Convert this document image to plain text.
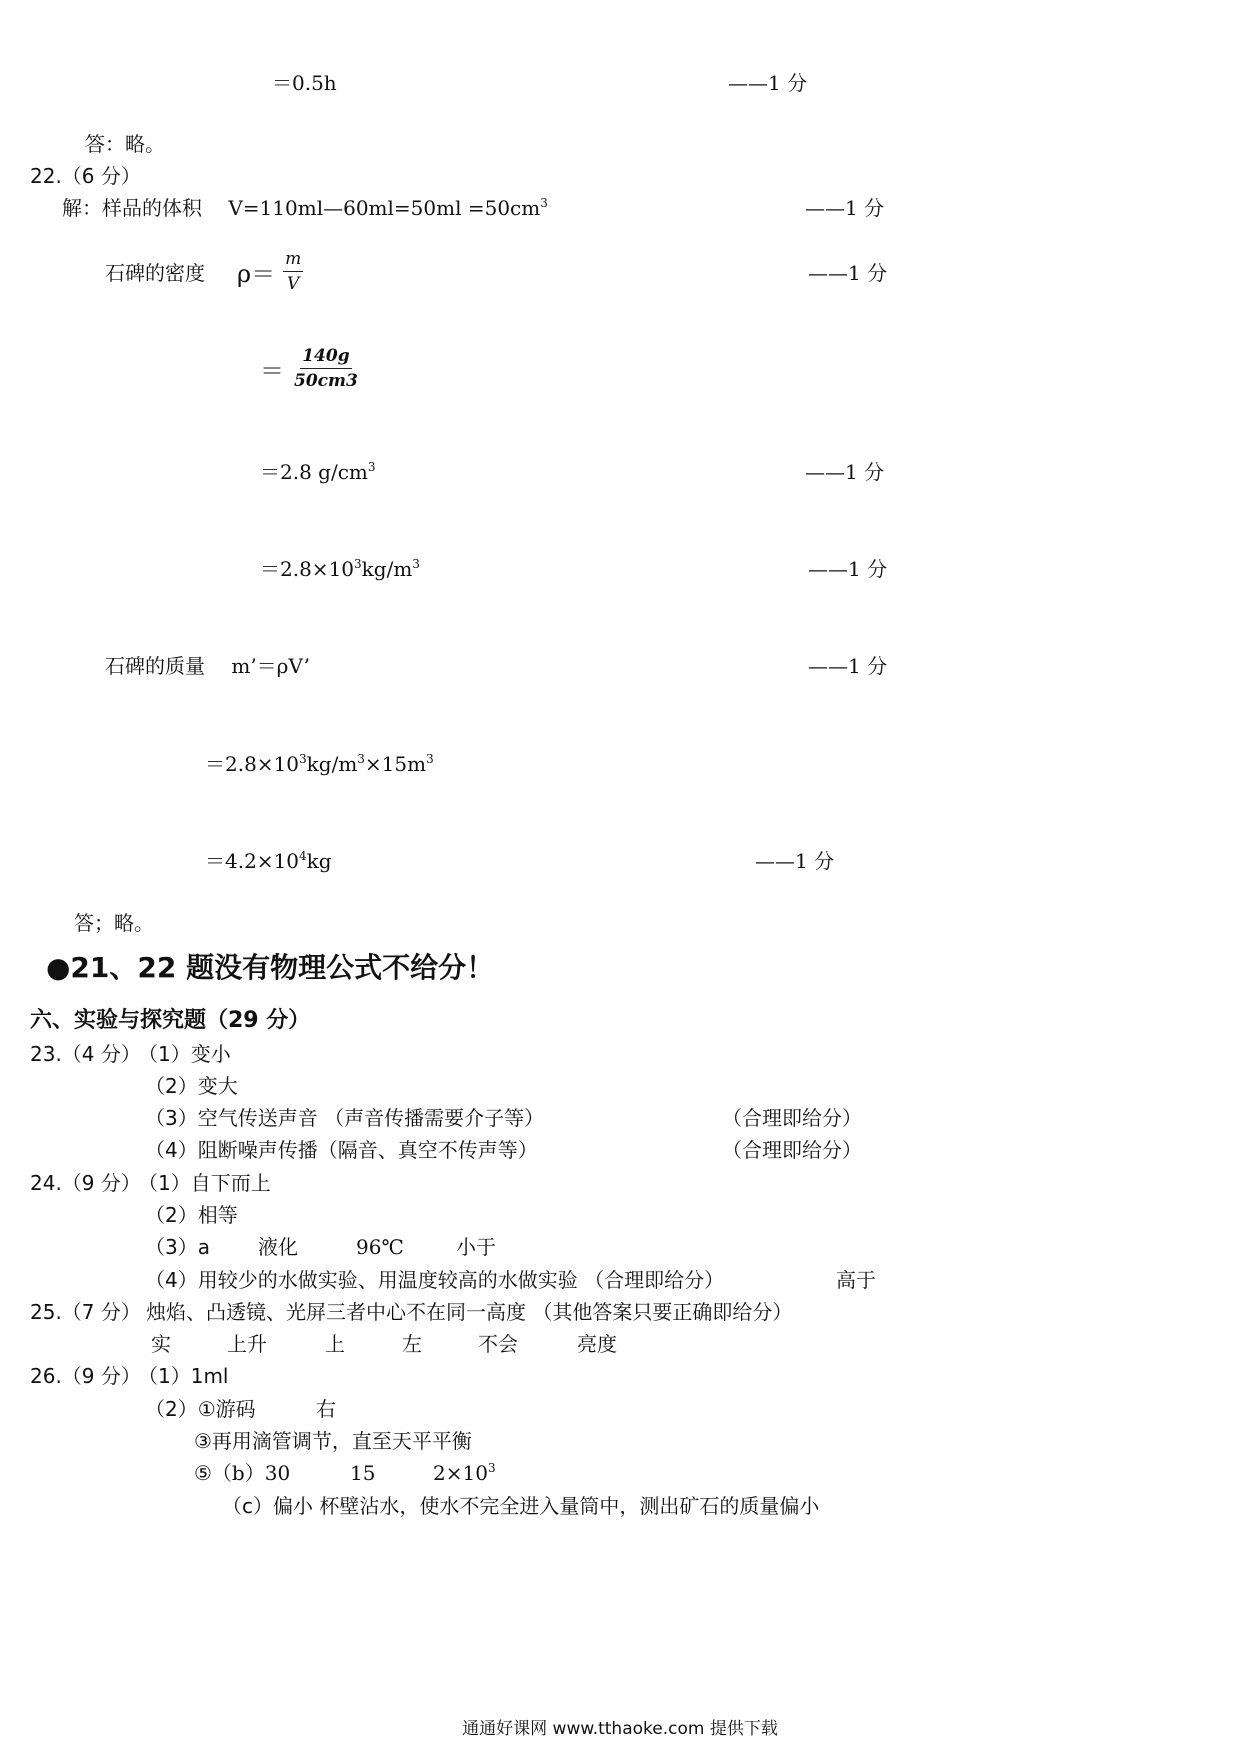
＝0.5h	——1 分
答：略。
22.（6 分）
解：样品的体积 V=110ml—60ml=50ml $=50cm^3$	——1 分
石碑的密度 $\rho= \frac{m}{V}$	——1 分
＝ $\frac{140g}{50cm3}$
＝2.8 $g/cm^3$	——1 分
$=2.8\times 10^3kg/m^3$	——1 分
石碑的质量 m’＝ρV’	——1 分
$=2.8\times 10^3kg/m^3\times 15m^3$
$=4.2\times 10^4kg$	——1 分
答；略。
●21、22 题没有物理公式不给分！
六、实验与探究题（29 分）
23.（4 分）
（1）变小
（2）变大
（3）空气传送声音 （声音传播需要介子等）	（合理即给分）
（4）阻断噪声传播（隔音、真空不传声等）	（合理即给分）
24.（9 分）
（1）自下而上
（2）相等
（3）a 液化	96℃	小于
（4）用较少的水做实验、用温度较高的水做实验 （合理即给分）	高于
25.（7 分） 烛焰、凸透镜、光屏三者中心不在同一高度 （其他答案只要正确即给分）
实	上升	上	左	不会	亮度
26.（9 分）
（1）1ml
（2）①游码	右
③再用滴管调节，直至天平平衡
⑤（b）30	15	$2\times 10^3$
（c）偏小 杯壁沾水，使水不完全进入量筒中，测出矿石的质量偏小
通通好课网 www.tthaoke.com 提供下载
